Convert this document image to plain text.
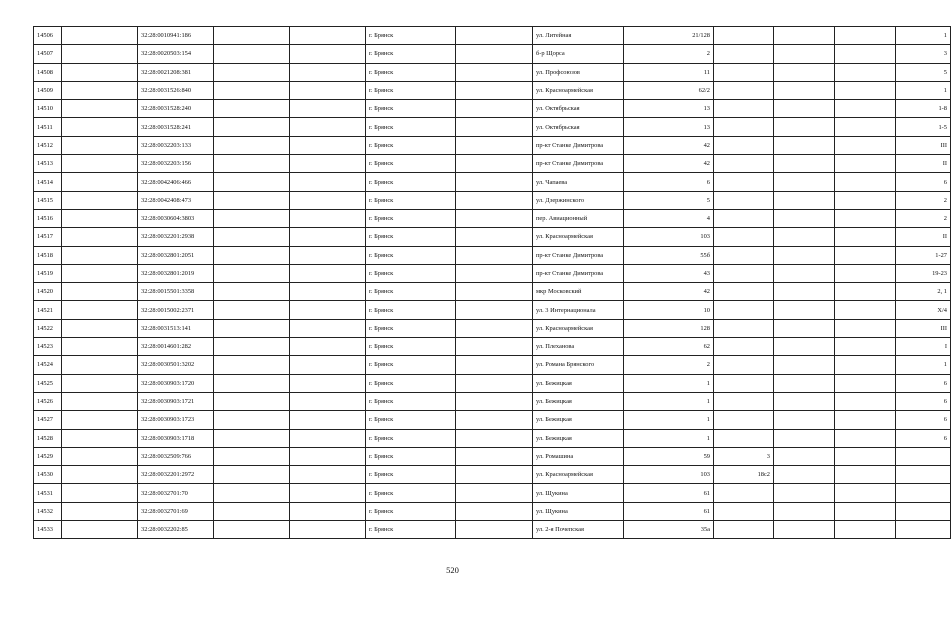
14506		32:28:0010941:186			г. Брянск		ул. Литейная	21/128				1
14507		32:28:0020503:154			г. Брянск		б-р Щорса	2				3
14508		32:28:0021208:381			г. Брянск		ул. Профсоюзов	11				5
14509		32:28:0031526:840			г. Брянск		ул. Красноармейская	62/2				1
14510		32:28:0031528:240			г. Брянск		ул. Октябрьская	13				1-8
14511		32:28:0031528:241			г. Брянск		ул. Октябрьская	13				1-5
14512		32:28:0032203:133			г. Брянск		пр-кт Станке Димитрова	42				III
14513		32:28:0032203:156			г. Брянск		пр-кт Станке Димитрова	42				II
14514		32:28:0042406:466			г. Брянск		ул. Чапаева	6				6
14515		32:28:0042408:473			г. Брянск		ул. Дзержинского	5				2
14516		32:28:0030604:3803			г. Брянск		пер. Авиационный	4				2
14517		32:28:0032201:2938			г. Брянск		ул. Красноармейская	103				II
14518		32:28:0032801:2051			г. Брянск		пр-кт Станке Димитрова	55б				1-27
14519		32:28:0032801:2019			г. Брянск		пр-кт Станке Димитрова	43				19-23
14520		32:28:0015501:3358			г. Брянск		мкр Московский	42				2, 1
14521		32:28:0015002:2371			г. Брянск		ул. 3 Интернационала	10				X/4
14522		32:28:0031513:141			г. Брянск		ул. Красноармейская	128				III
14523		32:28:0014601:282			г. Брянск		ул. Плеханова	62				I
14524		32:28:0030501:3202			г. Брянск		ул. Романа Брянского	2				1
14525		32:28:0030903:1720			г. Брянск		ул. Бежицкая	1				6
14526		32:28:0030903:1721			г. Брянск		ул. Бежицкая	1				6
14527		32:28:0030903:1723			г. Брянск		ул. Бежицкая	1				6
14528		32:28:0030903:1718			г. Брянск		ул. Бежицкая	1				6
14529		32:28:0032509:766			г. Брянск		ул. Ромашина	59	3			
14530		32:28:0032201:2972			г. Брянск		ул. Красноармейская	103	18с2			
14531		32:28:0032701:70			г. Брянск		ул. Щукина	61				
14532		32:28:0032701:69			г. Брянск		ул. Щукина	61				
14533		32:28:0032202:85			г. Брянск		ул. 2-я Почепская	35а				
520
